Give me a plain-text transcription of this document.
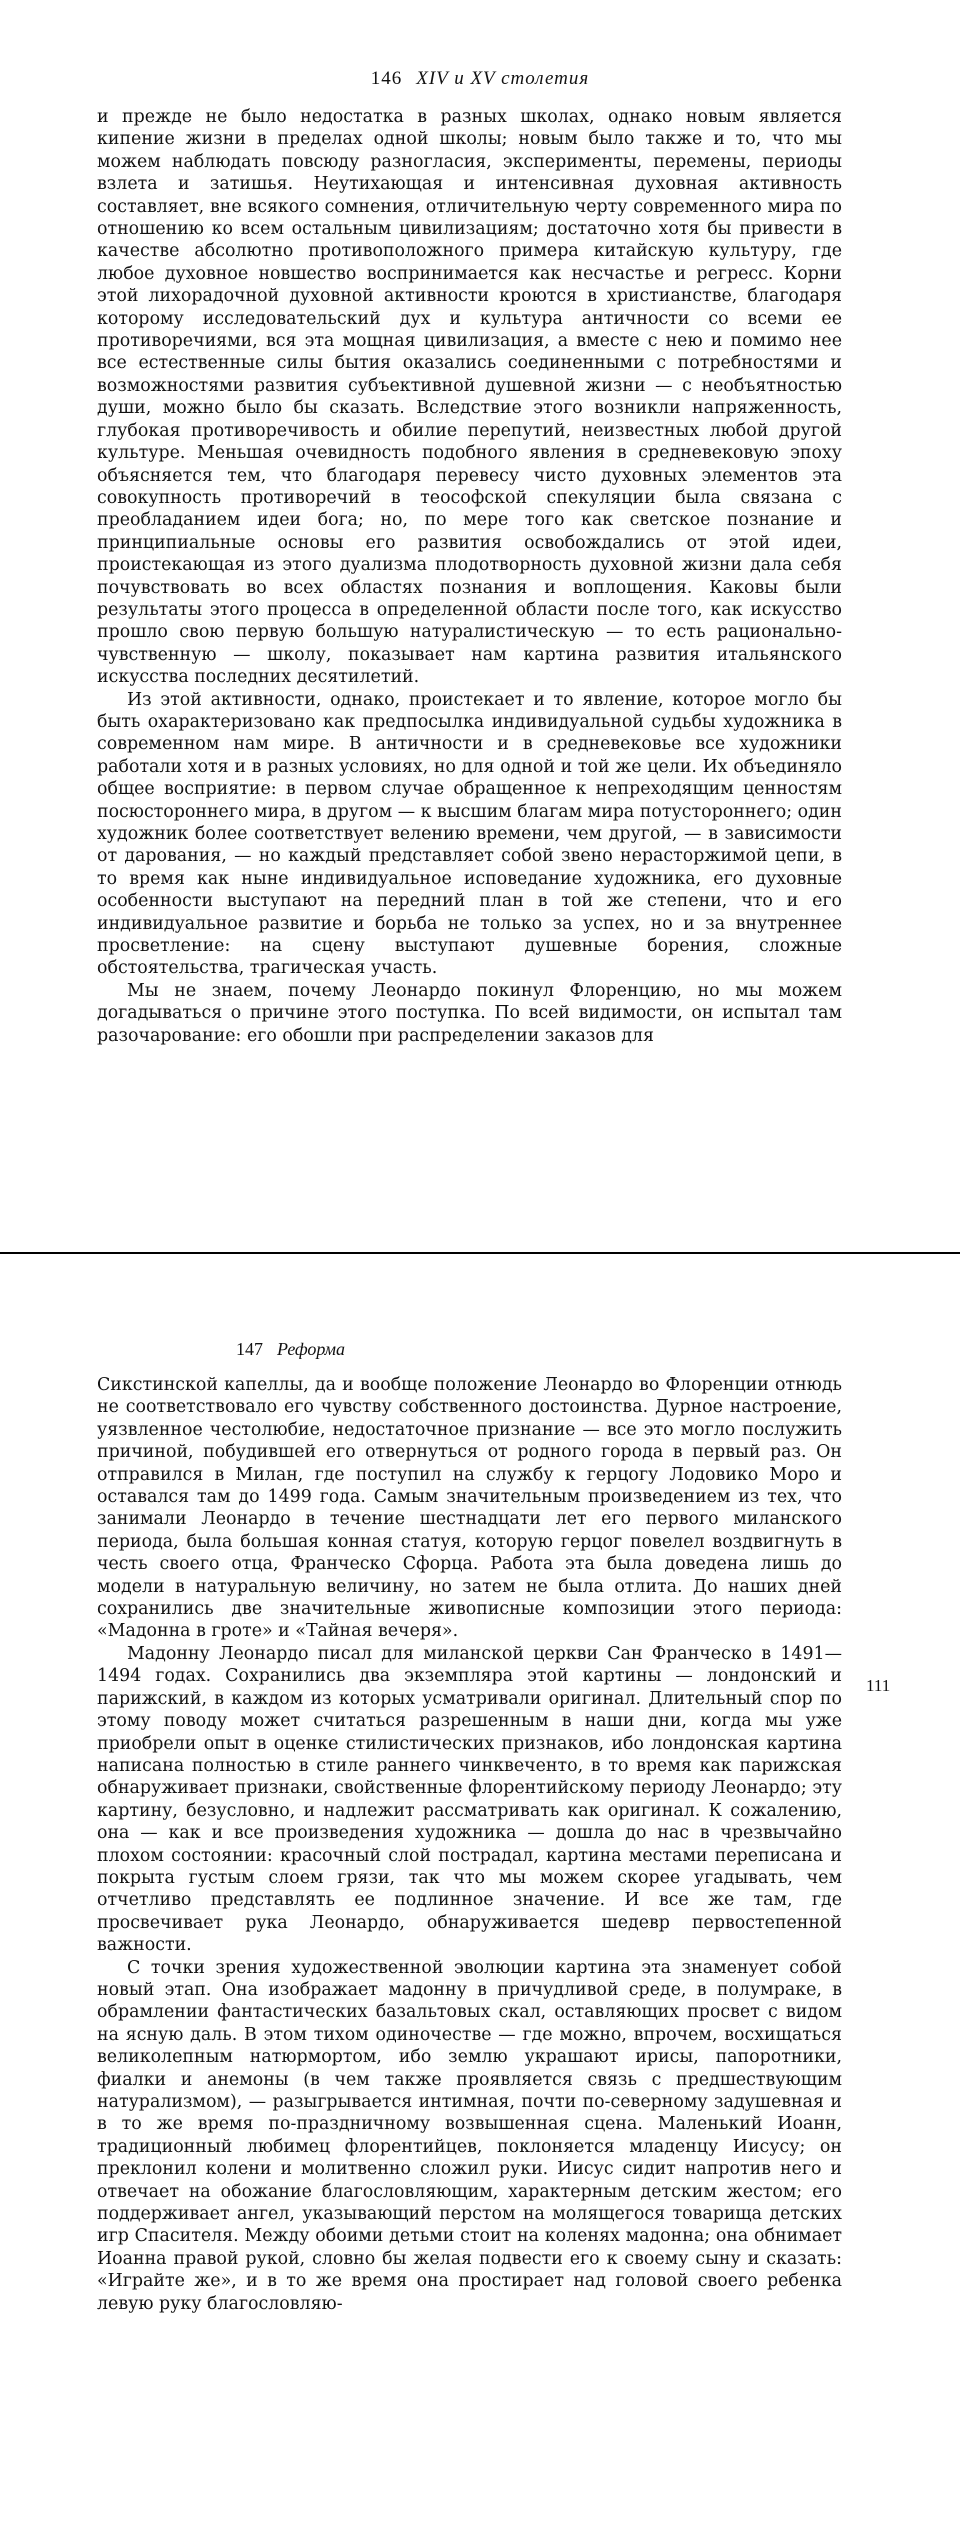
146 XIV и XV столетия

и прежде не было недостатка в разных школах, однако новым является кипение жизни в пределах одной школы; новым было также и то, что мы можем наблюдать повсюду разногласия, эксперименты, перемены, периоды взлета и затишья. Неутихающая и интенсивная духовная активность составляет, вне всякого сомнения, отличительную черту современного мира по отношению ко всем остальным цивилизациям; достаточно хотя бы привести в качестве абсолютно противоположного примера китайскую культуру, где любое духовное новшество воспринимается как несчастье и регресс. Корни этой лихорадочной духовной активности кроются в христианстве, благодаря которому исследовательский дух и культура античности со всеми ее противоречиями, вся эта мощная цивилизация, а вместе с нею и помимо нее все естественные силы бытия оказались соединенными с потребностями и возможностями развития субъективной душевной жизни — с необъятностью души, можно было бы сказать. Вследствие этого возникли напряженность, глубокая противоречивость и обилие перепутий, неизвестных любой другой культуре. Меньшая очевидность подобного явления в средневековую эпоху объясняется тем, что благодаря перевесу чисто духовных элементов эта совокупность противоречий в теософской спекуляции была связана с преобладанием идеи бога; но, по мере того как светское познание и принципиальные основы его развития освобождались от этой идеи, проистекающая из этого дуализма плодотворность духовной жизни дала себя почувствовать во всех областях познания и воплощения. Каковы были результаты этого процесса в определенной области после того, как искусство прошло свою первую большую натуралистическую — то есть рационально-чувственную — школу, показывает нам картина развития итальянского искусства последних десятилетий.

Из этой активности, однако, проистекает и то явление, которое могло бы быть охарактеризовано как предпосылка индивидуальной судьбы художника в современном нам мире. В античности и в средневековье все художники работали хотя и в разных условиях, но для одной и той же цели. Их объединяло общее восприятие: в первом случае обращенное к непреходящим ценностям посюстороннего мира, в другом — к высшим благам мира потустороннего; один художник более соответствует велению времени, чем другой, — в зависимости от дарования, — но каждый представляет собой звено нерасторжимой цепи, в то время как ныне индивидуальное исповедание художника, его духовные особенности выступают на передний план в той же степени, что и его индивидуальное развитие и борьба не только за успех, но и за внутреннее просветление: на сцену выступают душевные борения, сложные обстоятельства, трагическая участь.

Мы не знаем, почему Леонардо покинул Флоренцию, но мы можем догадываться о причине этого поступка. По всей видимости, он испытал там разочарование: его обошли при распределении заказов для

147 Реформа
111

Сикстинской капеллы, да и вообще положение Леонардо во Флоренции отнюдь не соответствовало его чувству собственного достоинства. Дурное настроение, уязвленное честолюбие, недостаточное признание — все это могло послужить причиной, побудившей его отвернуться от родного города в первый раз. Он отправился в Милан, где поступил на службу к герцогу Лодовико Моро и оставался там до 1499 года. Самым значительным произведением из тех, что занимали Леонардо в течение шестнадцати лет его первого миланского периода, была большая конная статуя, которую герцог повелел воздвигнуть в честь своего отца, Франческо Сфорца. Работа эта была доведена лишь до модели в натуральную величину, но затем не была отлита. До наших дней сохранились две значительные живописные композиции этого периода: «Мадонна в гроте» и «Тайная вечеря».

Мадонну Леонардо писал для миланской церкви Сан Франческо в 1491—1494 годах. Сохранились два экземпляра этой картины — лондонский и парижский, в каждом из которых усматривали оригинал. Длительный спор по этому поводу может считаться разрешенным в наши дни, когда мы уже приобрели опыт в оценке стилистических признаков, ибо лондонская картина написана полностью в стиле раннего чинквеченто, в то время как парижская обнаруживает признаки, свойственные флорентийскому периоду Леонардо; эту картину, безусловно, и надлежит рассматривать как оригинал. К сожалению, она — как и все произведения художника — дошла до нас в чрезвычайно плохом состоянии: красочный слой пострадал, картина местами переписана и покрыта густым слоем грязи, так что мы можем скорее угадывать, чем отчетливо представлять ее подлинное значение. И все же там, где просвечивает рука Леонардо, обнаруживается шедевр первостепенной важности.

С точки зрения художественной эволюции картина эта знаменует собой новый этап. Она изображает мадонну в причудливой среде, в полумраке, в обрамлении фантастических базальтовых скал, оставляющих просвет с видом на ясную даль. В этом тихом одиночестве — где можно, впрочем, восхищаться великолепным натюрмортом, ибо землю украшают ирисы, папоротники, фиалки и анемоны (в чем также проявляется связь с предшествующим натурализмом), — разыгрывается интимная, почти по-северному задушевная и в то же время по-праздничному возвышенная сцена. Маленький Иоанн, традиционный любимец флорентийцев, поклоняется младенцу Иисусу; он преклонил колени и молитвенно сложил руки. Иисус сидит напротив него и отвечает на обожание благословляющим, характерным детским жестом; его поддерживает ангел, указывающий перстом на молящегося товарища детских игр Спасителя. Между обоими детьми стоит на коленях мадонна; она обнимает Иоанна правой рукой, словно бы желая подвести его к своему сыну и сказать: «Играйте же», и в то же время она простирает над головой своего ребенка левую руку благословляю-
